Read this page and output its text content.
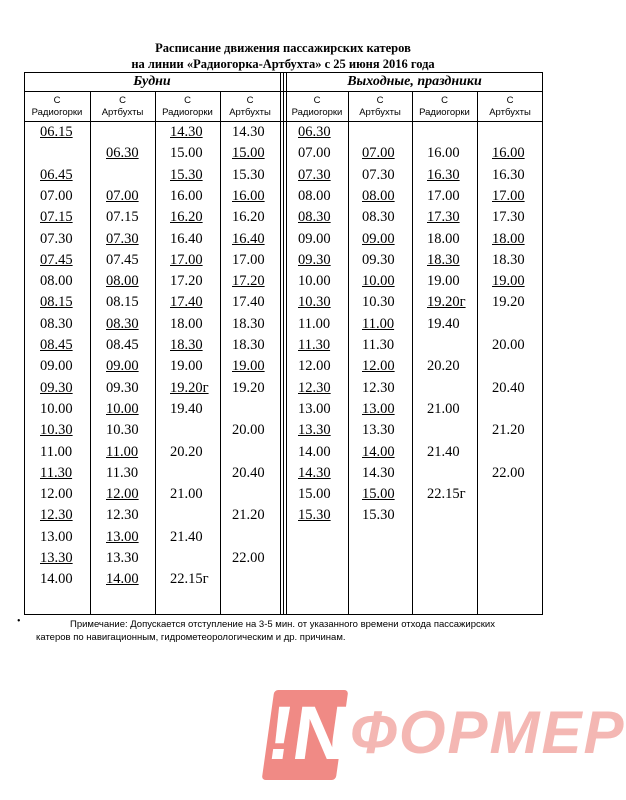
Расписание движения пассажирских катеров
на линии «Радиогорка-Артбухта» с 25 июня 2016 года
Будни	Выходные, праздники
С
Радиогорки
С
Артбухты
С
Радиогорки
С
Артбухты
С
Радиогорки
С
Артбухты
С
Радиогорки
С
Артбухты
06.15
06.45
07.00
07.15
07.30
07.45
08.00
08.15
08.30
08.45
09.00
09.30
10.00
10.30
11.00
11.30
12.00
12.30
13.00
13.30
14.00
06.30
07.00
07.15
07.30
07.45
08.00
08.15
08.30
08.45
09.00
09.30
10.00
10.30
11.00
11.30
12.00
12.30
13.00
13.30
14.00
14.30
15.00
15.30
16.00
16.20
16.40
17.00
17.20
17.40
18.00
18.30
19.00
19.20г
19.40
20.20
21.00
21.40
22.15г
14.30
15.00
15.30
16.00
16.20
16.40
17.00
17.20
17.40
18.30
18.30
19.00
19.20
20.00
20.40
21.20
22.00
06.30
07.00
07.30
08.00
08.30
09.00
09.30
10.00
10.30
11.00
11.30
12.00
12.30
13.00
13.30
14.00
14.30
15.00
15.30
07.00
07.30
08.00
08.30
09.00
09.30
10.00
10.30
11.00
11.30
12.00
12.30
13.00
13.30
14.00
14.30
15.00
15.30
16.00
16.30
17.00
17.30
18.00
18.30
19.00
19.20г
19.40
20.20
21.00
21.40
22.15г
16.00
16.30
17.00
17.30
18.00
18.30
19.00
19.20
20.00
20.40
21.20
22.00
•	Примечание: Допускается отступление на 3-5 мин. от указанного времени отхода пассажирских
катеров по навигационным, гидрометеорологическим и др. причинам.
!N
ФОРМЕР
